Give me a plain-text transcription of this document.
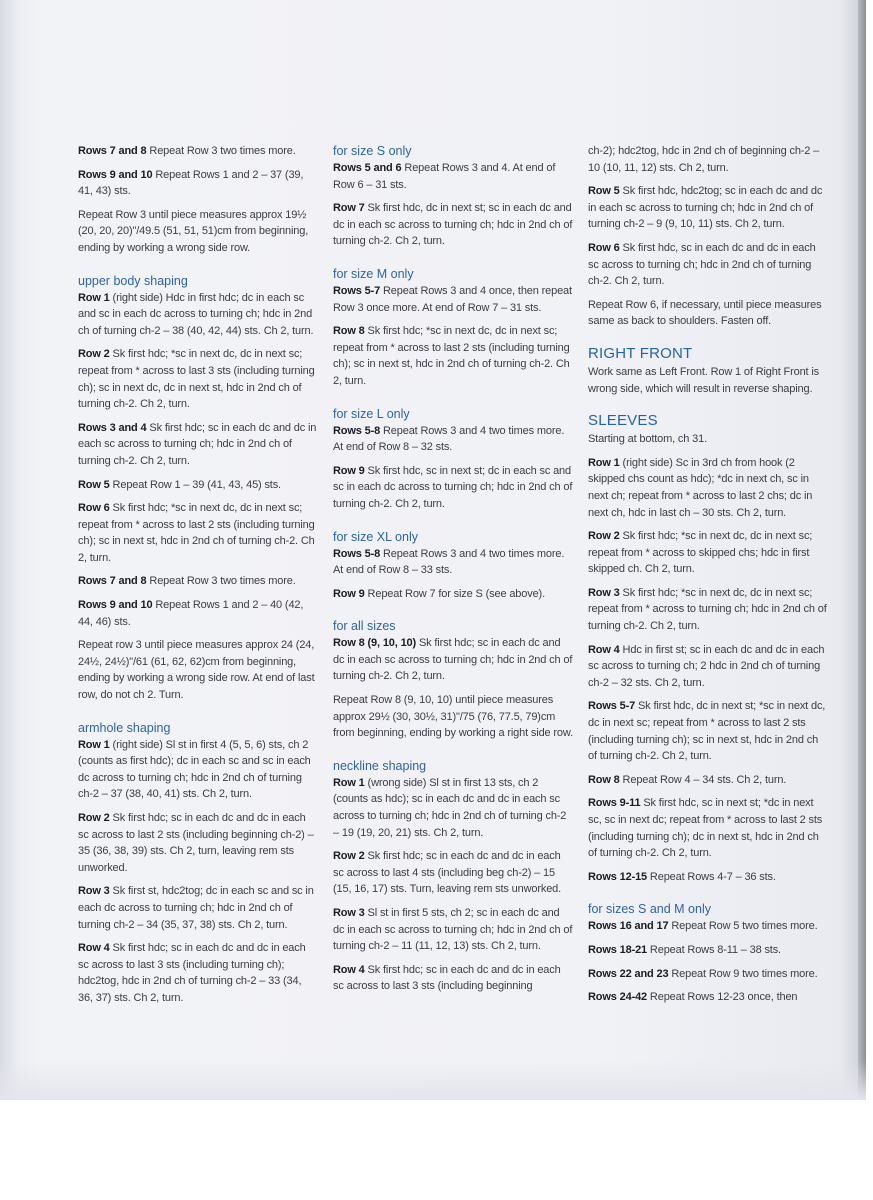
Rows 7 and 8 Repeat Row 3 two times more.

Rows 9 and 10 Repeat Rows 1 and 2 – 37 (39, 41, 43) sts.

Repeat Row 3 until piece measures approx 19½ (20, 20, 20)"/49.5 (51, 51, 51)cm from beginning, ending by working a wrong side row.

upper body shaping

Row 1 (right side) Hdc in first hdc; dc in each sc and sc in each dc across to turning ch; hdc in 2nd ch of turning ch-2 – 38 (40, 42, 44) sts. Ch 2, turn.

Row 2 Sk first hdc; *sc in next dc, dc in next sc; repeat from * across to last 3 sts (including turning ch); sc in next dc, dc in next st, hdc in 2nd ch of turning ch-2. Ch 2, turn.

Rows 3 and 4 Sk first hdc; sc in each dc and dc in each sc across to turning ch; hdc in 2nd ch of turning ch-2. Ch 2, turn.

Row 5 Repeat Row 1 – 39 (41, 43, 45) sts.

Row 6 Sk first hdc; *sc in next dc, dc in next sc; repeat from * across to last 2 sts (including turning ch); sc in next st, hdc in 2nd ch of turning ch-2. Ch 2, turn.

Rows 7 and 8 Repeat Row 3 two times more.

Rows 9 and 10 Repeat Rows 1 and 2 – 40 (42, 44, 46) sts.

Repeat row 3 until piece measures approx 24 (24, 24½, 24½)"/61 (61, 62, 62)cm from beginning, ending by working a wrong side row. At end of last row, do not ch 2. Turn.

armhole shaping

Row 1 (right side) Sl st in first 4 (5, 5, 6) sts, ch 2 (counts as first hdc); dc in each sc and sc in each dc across to turning ch; hdc in 2nd ch of turning ch-2 – 37 (38, 40, 41) sts. Ch 2, turn.

Row 2 Sk first hdc; sc in each dc and dc in each sc across to last 2 sts (including beginning ch-2) – 35 (36, 38, 39) sts. Ch 2, turn, leaving rem sts unworked.

Row 3 Sk first st, hdc2tog; dc in each sc and sc in each dc across to turning ch; hdc in 2nd ch of turning ch-2 – 34 (35, 37, 38) sts. Ch 2, turn.

Row 4 Sk first hdc; sc in each dc and dc in each sc across to last 3 sts (including turning ch); hdc2tog, hdc in 2nd ch of turning ch-2 – 33 (34, 36, 37) sts. Ch 2, turn.

for size S only

Rows 5 and 6 Repeat Rows 3 and 4. At end of Row 6 – 31 sts.

Row 7 Sk first hdc, dc in next st; sc in each dc and dc in each sc across to turning ch; hdc in 2nd ch of turning ch-2. Ch 2, turn.

for size M only

Rows 5-7 Repeat Rows 3 and 4 once, then repeat Row 3 once more. At end of Row 7 – 31 sts.

Row 8 Sk first hdc; *sc in next dc, dc in next sc; repeat from * across to last 2 sts (including turning ch); sc in next st, hdc in 2nd ch of turning ch-2. Ch 2, turn.

for size L only

Rows 5-8 Repeat Rows 3 and 4 two times more. At end of Row 8 – 32 sts.

Row 9 Sk first hdc, sc in next st; dc in each sc and sc in each dc across to turning ch; hdc in 2nd ch of turning ch-2. Ch 2, turn.

for size XL only

Rows 5-8 Repeat Rows 3 and 4 two times more. At end of Row 8 – 33 sts.

Row 9 Repeat Row 7 for size S (see above).

for all sizes

Row 8 (9, 10, 10) Sk first hdc; sc in each dc and dc in each sc across to turning ch; hdc in 2nd ch of turning ch-2. Ch 2, turn.

Repeat Row 8 (9, 10, 10) until piece measures approx 29½ (30, 30½, 31)"/75 (76, 77.5, 79)cm from beginning, ending by working a right side row.

neckline shaping

Row 1 (wrong side) Sl st in first 13 sts, ch 2 (counts as hdc); sc in each dc and dc in each sc across to turning ch; hdc in 2nd ch of turning ch-2 – 19 (19, 20, 21) sts. Ch 2, turn.

Row 2 Sk first hdc; sc in each dc and dc in each sc across to last 4 sts (including beg ch-2) – 15 (15, 16, 17) sts. Turn, leaving rem sts unworked.

Row 3 Sl st in first 5 sts, ch 2; sc in each dc and dc in each sc across to turning ch; hdc in 2nd ch of turning ch-2 – 11 (11, 12, 13) sts. Ch 2, turn.

Row 4 Sk first hdc; sc in each dc and dc in each sc across to last 3 sts (including beginning

ch-2); hdc2tog, hdc in 2nd ch of beginning ch-2 – 10 (10, 11, 12) sts. Ch 2, turn.

Row 5 Sk first hdc, hdc2tog; sc in each dc and dc in each sc across to turning ch; hdc in 2nd ch of turning ch-2 – 9 (9, 10, 11) sts. Ch 2, turn.

Row 6 Sk first hdc, sc in each dc and dc in each sc across to turning ch; hdc in 2nd ch of turning ch-2. Ch 2, turn.

Repeat Row 6, if necessary, until piece measures same as back to shoulders. Fasten off.

RIGHT FRONT

Work same as Left Front. Row 1 of Right Front is wrong side, which will result in reverse shaping.

SLEEVES

Starting at bottom, ch 31.

Row 1 (right side) Sc in 3rd ch from hook (2 skipped chs count as hdc); *dc in next ch, sc in next ch; repeat from * across to last 2 chs; dc in next ch, hdc in last ch – 30 sts. Ch 2, turn.

Row 2 Sk first hdc; *sc in next dc, dc in next sc; repeat from * across to skipped chs; hdc in first skipped ch. Ch 2, turn.

Row 3 Sk first hdc; *sc in next dc, dc in next sc; repeat from * across to turning ch; hdc in 2nd ch of turning ch-2. Ch 2, turn.

Row 4 Hdc in first st; sc in each dc and dc in each sc across to turning ch; 2 hdc in 2nd ch of turning ch-2 – 32 sts. Ch 2, turn.

Rows 5-7 Sk first hdc, dc in next st; *sc in next dc, dc in next sc; repeat from * across to last 2 sts (including turning ch); sc in next st, hdc in 2nd ch of turning ch-2. Ch 2, turn.

Row 8 Repeat Row 4 – 34 sts. Ch 2, turn.

Rows 9-11 Sk first hdc, sc in next st; *dc in next sc, sc in next dc; repeat from * across to last 2 sts (including turning ch); dc in next st, hdc in 2nd ch of turning ch-2. Ch 2, turn.

Rows 12-15 Repeat Rows 4-7 – 36 sts.

for sizes S and M only

Rows 16 and 17 Repeat Row 5 two times more.

Rows 18-21 Repeat Rows 8-11 – 38 sts.

Rows 22 and 23 Repeat Row 9 two times more.

Rows 24-42 Repeat Rows 12-23 once, then
